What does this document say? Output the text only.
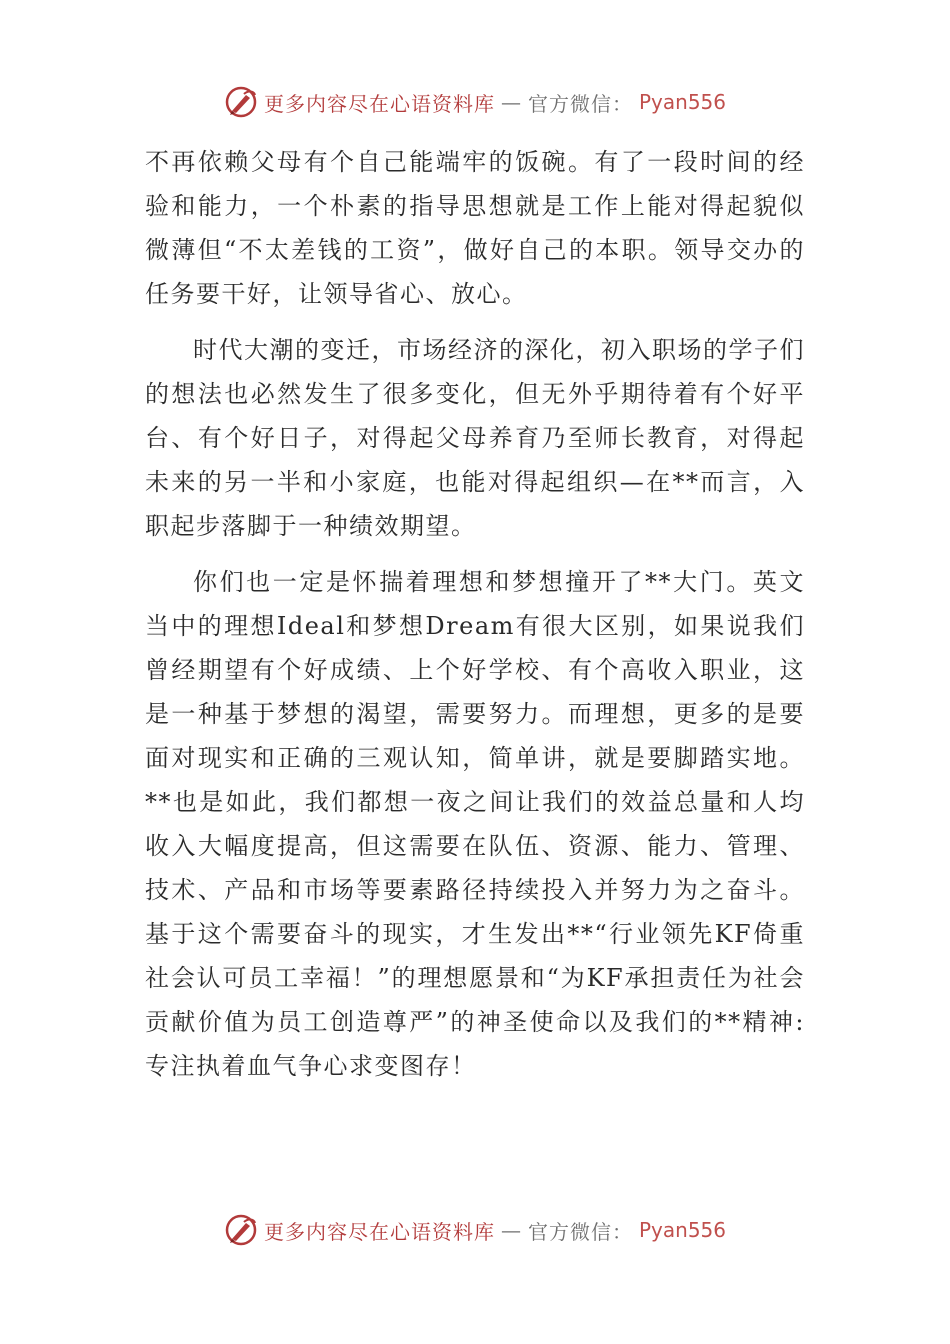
更多内容尽在心语资料库 — 官方微信： Pyan556

不再依赖父母有个自己能端牢的饭碗。有了一段时间的经验和能力，一个朴素的指导思想就是工作上能对得起貌似微薄但“不太差钱的工资”，做好自己的本职。领导交办的任务要干好，让领导省心、放心。

时代大潮的变迁，市场经济的深化，初入职场的学子们的想法也必然发生了很多变化，但无外乎期待着有个好平台、有个好日子，对得起父母养育乃至师长教育，对得起未来的另一半和小家庭，也能对得起组织—在**而言，入职起步落脚于一种绩效期望。

你们也一定是怀揣着理想和梦想撞开了**大门。英文当中的理想Ideal和梦想Dream有很大区别，如果说我们曾经期望有个好成绩、上个好学校、有个高收入职业，这是一种基于梦想的渴望，需要努力。而理想，更多的是要面对现实和正确的三观认知，简单讲，就是要脚踏实地。**也是如此，我们都想一夜之间让我们的效益总量和人均收入大幅度提高，但这需要在队伍、资源、能力、管理、技术、产品和市场等要素路径持续投入并努力为之奋斗。基于这个需要奋斗的现实，才生发出**“行业领先KF倚重社会认可员工幸福！”的理想愿景和“为KF承担责任为社会贡献价值为员工创造尊严”的神圣使命以及我们的**精神:专注执着血气争心求变图存！

更多内容尽在心语资料库 — 官方微信： Pyan556
